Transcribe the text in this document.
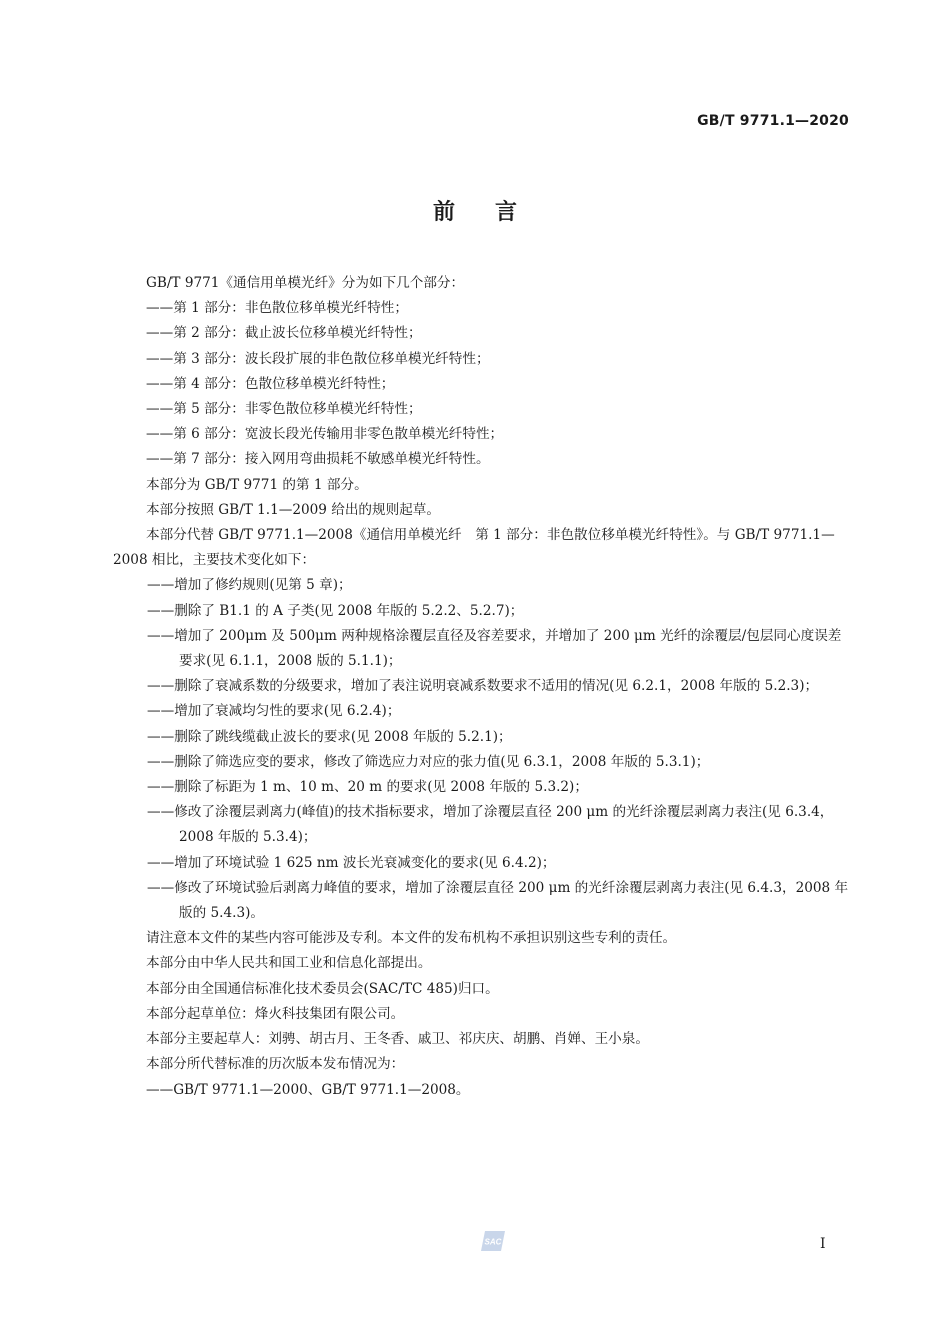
GB/T 9771.1—2020
前言

GB/T 9771《通信用单模光纤》分为如下几个部分：

——第 1 部分：非色散位移单模光纤特性；

——第 2 部分：截止波长位移单模光纤特性；

——第 3 部分：波长段扩展的非色散位移单模光纤特性；

——第 4 部分：色散位移单模光纤特性；

——第 5 部分：非零色散位移单模光纤特性；

——第 6 部分：宽波长段光传输用非零色散单模光纤特性；

——第 7 部分：接入网用弯曲损耗不敏感单模光纤特性。

本部分为 GB/T 9771 的第 1 部分。

本部分按照 GB/T 1.1—2009 给出的规则起草。

本部分代替 GB/T 9771.1—2008《通信用单模光纤　第 1 部分：非色散位移单模光纤特性》。与 GB/T 9771.1—2008 相比，主要技术变化如下：

——增加了修约规则(见第 5 章)；

——删除了 B1.1 的 A 子类(见 2008 年版的 5.2.2、5.2.7)；

——增加了 200μm 及 500μm 两种规格涂覆层直径及容差要求，并增加了 200 μm 光纤的涂覆层/包层同心度误差要求(见 6.1.1，2008 版的 5.1.1)；

——删除了衰减系数的分级要求，增加了表注说明衰减系数要求不适用的情况(见 6.2.1，2008 年版的 5.2.3)；

——增加了衰减均匀性的要求(见 6.2.4)；

——删除了跳线缆截止波长的要求(见 2008 年版的 5.2.1)；

——删除了筛选应变的要求，修改了筛选应力对应的张力值(见 6.3.1，2008 年版的 5.3.1)；

——删除了标距为 1 m、10 m、20 m 的要求(见 2008 年版的 5.3.2)；

——修改了涂覆层剥离力(峰值)的技术指标要求，增加了涂覆层直径 200 μm 的光纤涂覆层剥离力表注(见 6.3.4，2008 年版的 5.3.4)；

——增加了环境试验 1 625 nm 波长光衰减变化的要求(见 6.4.2)；

——修改了环境试验后剥离力峰值的要求，增加了涂覆层直径 200 μm 的光纤涂覆层剥离力表注(见 6.4.3，2008 年版的 5.4.3)。

请注意本文件的某些内容可能涉及专利。本文件的发布机构不承担识别这些专利的责任。

本部分由中华人民共和国工业和信息化部提出。

本部分由全国通信标准化技术委员会(SAC/TC 485)归口。

本部分起草单位：烽火科技集团有限公司。

本部分主要起草人：刘骋、胡古月、王冬香、戚卫、祁庆庆、胡鹏、肖婵、王小泉。

本部分所代替标准的历次版本发布情况为：

——GB/T 9771.1—2000、GB/T 9771.1—2008。

SAC	I
